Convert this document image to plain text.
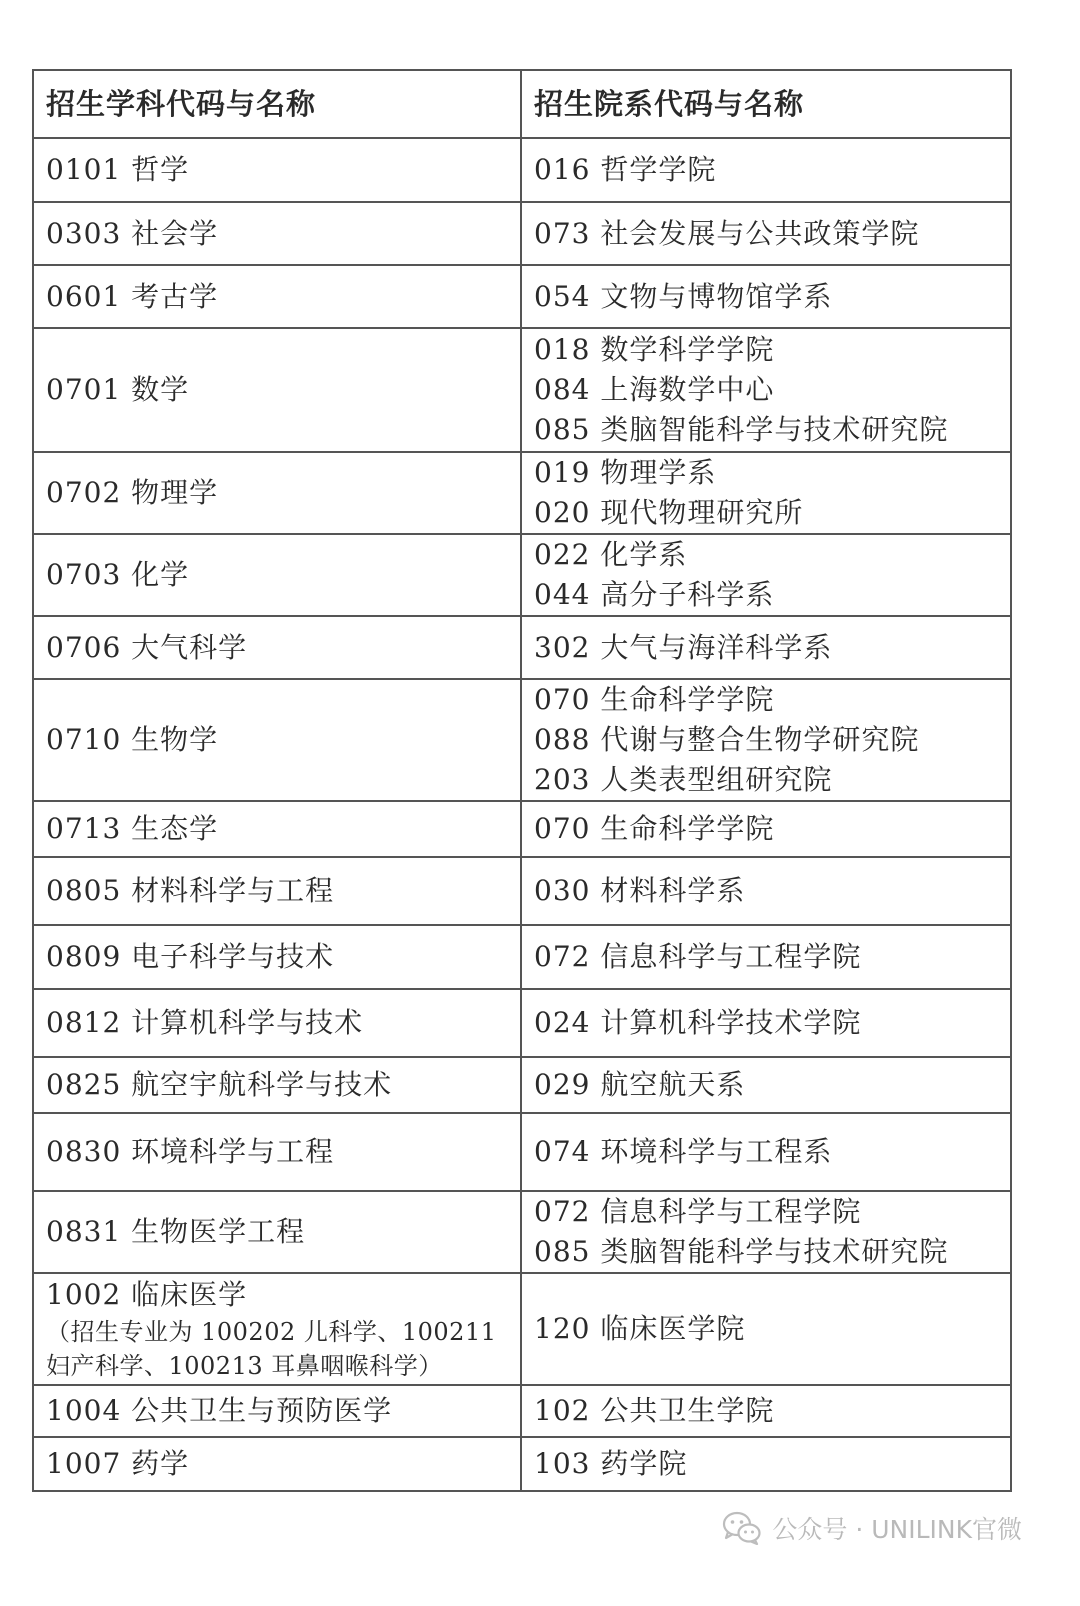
招生学科代码与名称	招生院系代码与名称

0101 哲学	016 哲学学院

0303 社会学	073 社会发展与公共政策学院

0601 考古学	054 文物与博物馆学系

0701 数学	018 数学科学学院
084 上海数学中心
085 类脑智能科学与技术研究院

0702 物理学	019 物理学系
020 现代物理研究所

0703 化学	022 化学系
044 高分子科学系

0706 大气科学	302 大气与海洋科学系

0710 生物学	070 生命科学学院
088 代谢与整合生物学研究院
203 人类表型组研究院

0713 生态学	070 生命科学学院

0805 材料科学与工程	030 材料科学系

0809 电子科学与技术	072 信息科学与工程学院

0812 计算机科学与技术	024 计算机科学技术学院

0825 航空宇航科学与技术	029 航空航天系

0830 环境科学与工程	074 环境科学与工程系

0831 生物医学工程	072 信息科学与工程学院
085 类脑智能科学与技术研究院

1002 临床医学
（招生专业为 100202 儿科学、100211 妇产科学、100213 耳鼻咽喉科学）	120 临床医学院

1004 公共卫生与预防医学	102 公共卫生学院

1007 药学	103 药学院
公众号 · UNILINK官微
